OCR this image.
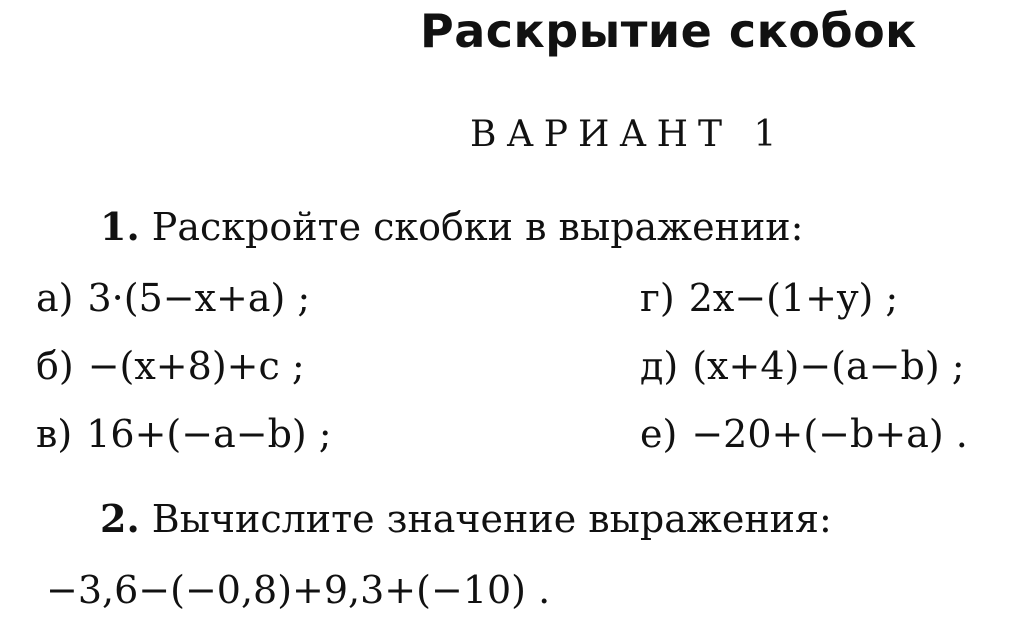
Раскрытие скобок
ВАРИАНТ 1
1. Раскройте скобки в выражении:
а) 3·(5−x+a) ;
б) −(x+8)+c ;
в) 16+(−a−b) ;
г) 2x−(1+y) ;
д) (x+4)−(a−b) ;
е) −20+(−b+a) .
2. Вычислите значение выражения:
−3,6−(−0,8)+9,3+(−10) .
